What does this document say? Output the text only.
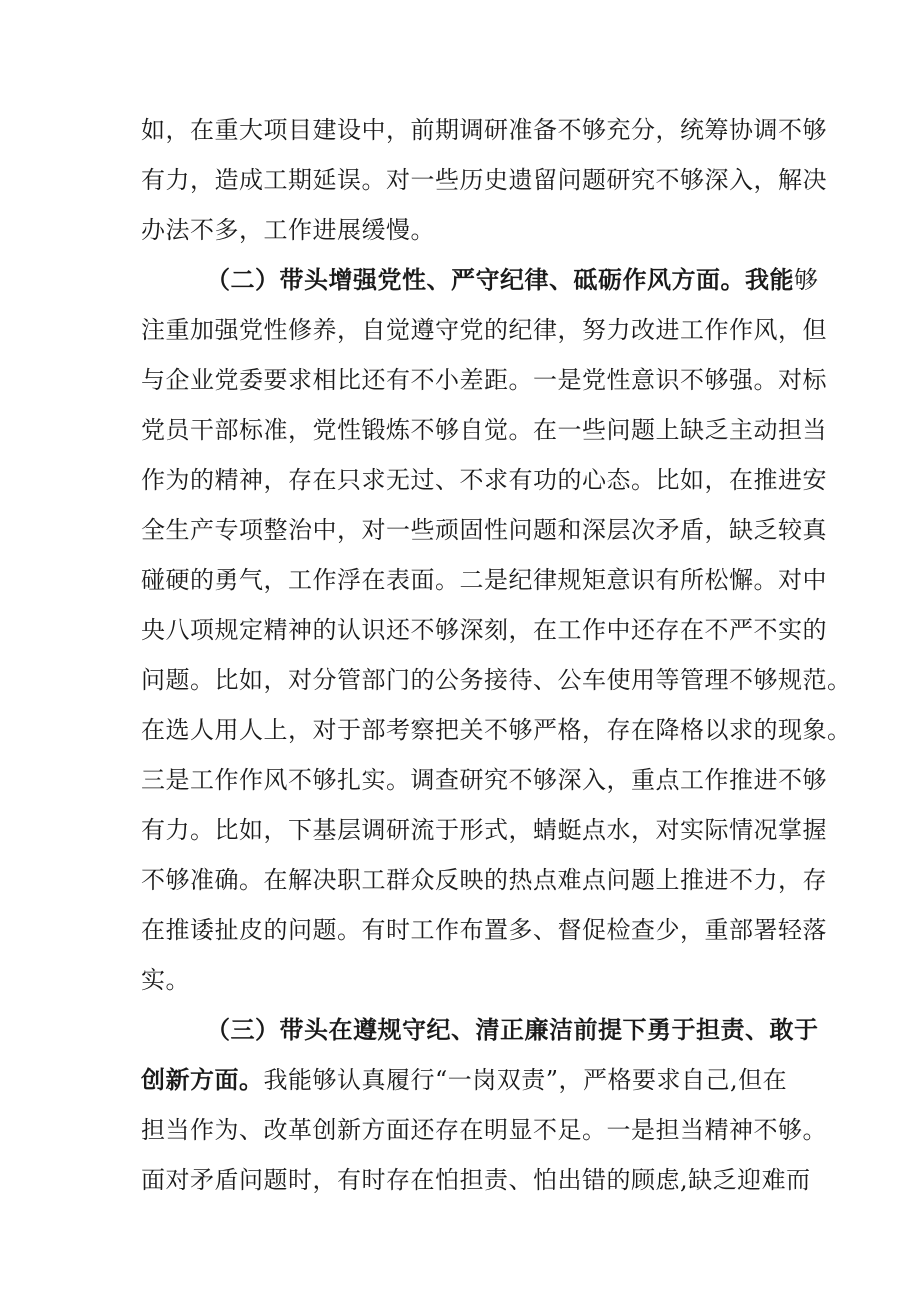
如，在重大项目建设中，前期调研准备不够充分，统筹协调不够
有力，造成工期延误。对一些历史遗留问题研究不够深入，解决
办法不多，工作进展缓慢。
（二）带头增强党性、严守纪律、砥砺作风方面。我能够
注重加强党性修养，自觉遵守党的纪律，努力改进工作作风，但
与企业党委要求相比还有不小差距。一是党性意识不够强。对标
党员干部标准，党性锻炼不够自觉。在一些问题上缺乏主动担当
作为的精神，存在只求无过、不求有功的心态。比如，在推进安
全生产专项整治中，对一些顽固性问题和深层次矛盾，缺乏较真
碰硬的勇气，工作浮在表面。二是纪律规矩意识有所松懈。对中
央八项规定精神的认识还不够深刻，在工作中还存在不严不实的
问题。比如，对分管部门的公务接待、公车使用等管理不够规范。
在选人用人上，对于部考察把关不够严格，存在降格以求的现象。
三是工作作风不够扎实。调查研究不够深入，重点工作推进不够
有力。比如，下基层调研流于形式，蜻蜓点水，对实际情况掌握
不够准确。在解决职工群众反映的热点难点问题上推进不力，存
在推诿扯皮的问题。有时工作布置多、督促检查少，重部署轻落
实。
（三）带头在遵规守纪、清正廉洁前提下勇于担责、敢于
创新方面。我能够认真履行“一岗双责”，严格要求自己,但在
担当作为、改革创新方面还存在明显不足。一是担当精神不够。
面对矛盾问题时，有时存在怕担责、怕出错的顾虑,缺乏迎难而
